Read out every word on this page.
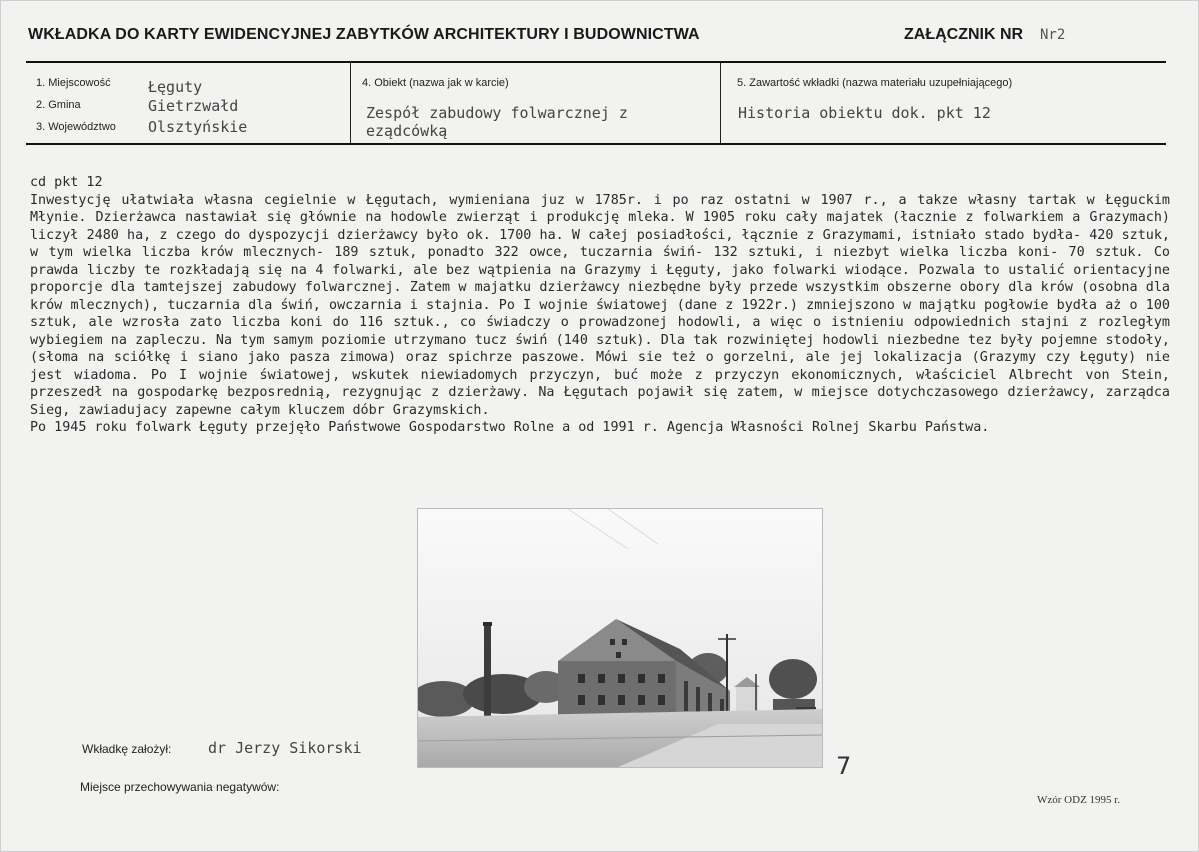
WKŁADKA DO KARTY EWIDENCYJNEJ ZABYTKÓW ARCHITEKTURY I BUDOWNICTWA	ZAŁĄCZNIK NR Nr2
1. Miejscowość Łęguty
2. Gmina	Gietrzwałd
3. Województwo Olsztyńskie
4. Obiekt (nazwa jak w karcie)
Zespół zabudowy folwarcznej z eządcówką
5. Zawartość wkładki (nazwa materiału uzupełniającego)
Historia obiektu dok. pkt 12

cd pkt 12

Inwestycję ułatwiała własna cegielnie w Łęgutach, wymieniana juz w 1785r. i po raz ostatni w 1907 r., a takze własny tartak w Łęguckim Młynie. Dzierżawca nastawiał się głównie na hodowle zwierząt i produkcję mleka. W 1905 roku cały majatek (łacznie z folwarkiem a Grazymach) liczył 2480 ha, z czego do dyspozycji dzierżawcy było ok. 1700 ha. W całej posiadłości, łącznie z Grazymami, istniało stado bydła- 420 sztuk, w tym wielka liczba krów mlecznych- 189 sztuk, ponadto 322 owce, tuczarnia świń- 132 sztuki, i niezbyt wielka liczba koni- 70 sztuk. Co prawda liczby te rozkładają się na 4 folwarki, ale bez wątpienia na Grazymy i Łęguty, jako folwarki wiodące. Pozwala to ustalić orientacyjne proporcje dla tamtejszej zabudowy folwarcznej. Zatem w majatku dzierżawcy niezbędne były przede wszystkim obszerne obory dla krów (osobna dla krów mlecznych), tuczarnia dla świń, owczarnia i stajnia. Po I wojnie światowej (dane z 1922r.) zmniejszono w majątku pogłowie bydła aż o 100 sztuk, ale wzrosła zato liczba koni do 116 sztuk., co świadczy o prowadzonej hodowli, a więc o istnieniu odpowiednich stajni z rozległym wybiegiem na zapleczu. Na tym samym poziomie utrzymano tucz świń (140 sztuk). Dla tak rozwiniętej hodowli niezbedne tez były pojemne stodoły, (słoma na sciółkę i siano jako pasza zimowa) oraz spichrze paszowe. Mówi sie też o gorzelni, ale jej lokalizacja (Grazymy czy Łęguty) nie jest wiadoma. Po I wojnie światowej, wskutek niewiadomych przyczyn, buć może z przyczyn ekonomicznych, właściciel Albrecht von Stein, przeszedł na gospodarkę bezposrednią, rezygnując z dzierżawy. Na Łęgutach pojawił się zatem, w miejsce dotychczasowego dzierżawcy, zarządca Sieg, zawiadujacy zapewne całym kluczem dóbr Grazymskich.

Po 1945 roku folwark Łęguty przejęło Państwowe Gospodarstwo Rolne a od 1991 r. Agencja Własności Rolnej Skarbu Państwa.

Wkładkę założył: dr Jerzy Sikorski
Miejsce przechowywania negatywów:
7
Wzór ODZ 1995 r.
